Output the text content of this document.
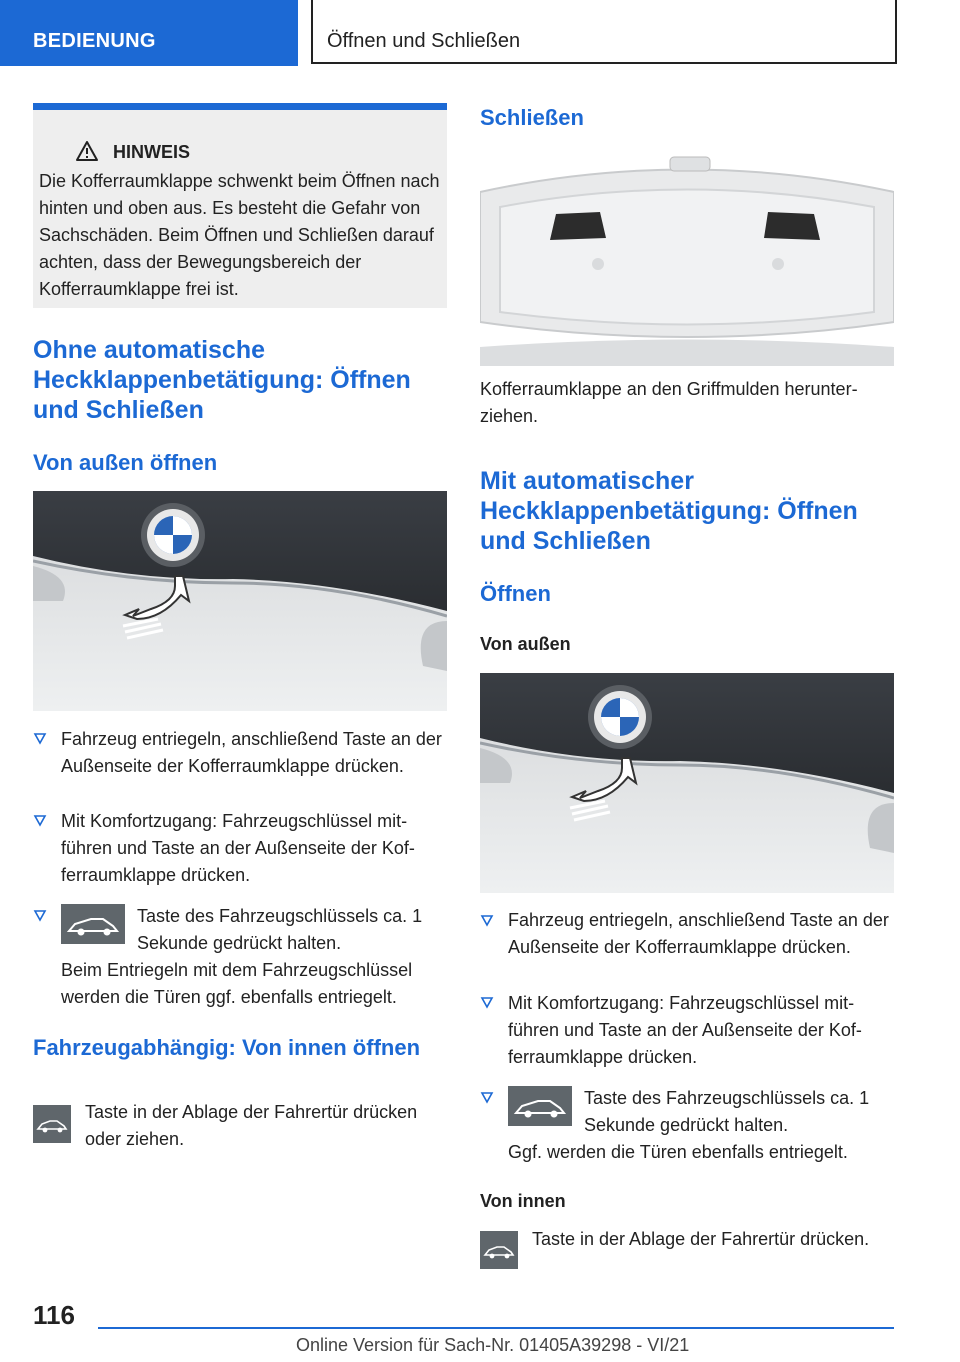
BEDIENUNG	Öffnen und Schließen
HINWEIS
Die Kofferraumklappe schwenkt beim Öffnen nach hinten und oben aus. Es besteht die Gefahr von Sachschäden. Beim Öffnen und Schließen darauf achten, dass der Bewegungsbereich der Kofferraumklappe frei ist.
Ohne automatische Heckklappenbetätigung: Öffnen und Schließen
Von außen öffnen
Fahrzeug entriegeln, anschließend Taste an der Außenseite der Kofferraumklappe drücken.
Mit Komfortzugang: Fahrzeugschlüssel mitführen und Taste an der Außenseite der Kofferraumklappe drücken.
Taste des Fahrzeugschlüssels ca. 1 Sekunde gedrückt halten.
Beim Entriegeln mit dem Fahrzeugschlüssel werden die Türen ggf. ebenfalls entriegelt.
Fahrzeugabhängig: Von innen öffnen
Taste in der Ablage der Fahrertür drücken oder ziehen.
Schließen
Kofferraumklappe an den Griffmulden herunterziehen.
Mit automatischer Heckklappenbetätigung: Öffnen und Schließen
Öffnen
Von außen
Fahrzeug entriegeln, anschließend Taste an der Außenseite der Kofferraumklappe drücken.
Mit Komfortzugang: Fahrzeugschlüssel mitführen und Taste an der Außenseite der Kofferraumklappe drücken.
Taste des Fahrzeugschlüssels ca. 1 Sekunde gedrückt halten.
Ggf. werden die Türen ebenfalls entriegelt.
Von innen
Taste in der Ablage der Fahrertür drücken.
116
Online Version für Sach-Nr. 01405A39298 - VI/21
